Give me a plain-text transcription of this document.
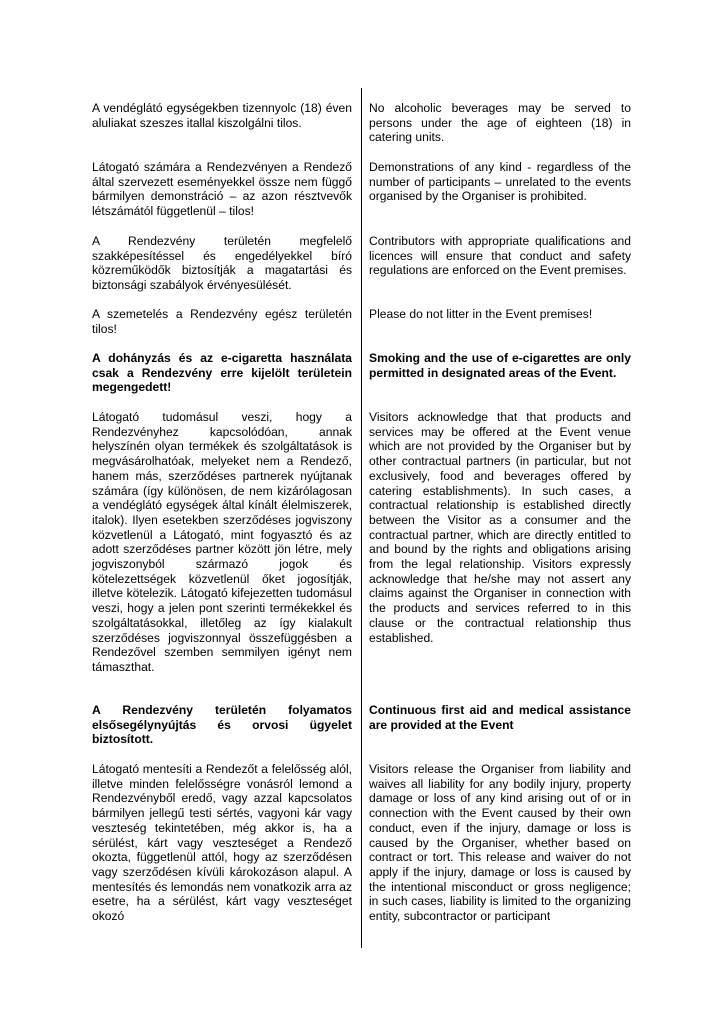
A vendéglátó egységekben tizennyolc (18) éven aluliakat szeszes itallal kiszolgálni tilos.

Látogató számára a Rendezvényen a Rendező által szervezett eseményekkel össze nem függő bármilyen demonstráció – az azon résztvevők létszámától függetlenül – tilos!

A Rendezvény területén megfelelő szakképesítéssel és engedélyekkel bíró közreműködők biztosítják a magatartási és biztonsági szabályok érvényesülését.

A szemetelés a Rendezvény egész területén tilos!

A dohányzás és az e-cigaretta használata csak a Rendezvény erre kijelölt területein megengedett!

Látogató tudomásul veszi, hogy a Rendezvényhez kapcsolódóan, annak helyszínén olyan termékek és szolgáltatások is megvásárolhatóak, melyeket nem a Rendező, hanem más, szerződéses partnerek nyújtanak számára (így különösen, de nem kizárólagosan a vendéglátó egységek által kínált élelmiszerek, italok). Ilyen esetekben szerződéses jogviszony közvetlenül a Látogató, mint fogyasztó és az adott szerződéses partner között jön létre, mely jogviszonyból származó jogok és kötelezettségek közvetlenül őket jogosítják, illetve kötelezik. Látogató kifejezetten tudomásul veszi, hogy a jelen pont szerinti termékekkel és szolgáltatásokkal, illetőleg az így kialakult szerződéses jogviszonnyal összefüggésben a Rendezővel szemben semmilyen igényt nem támaszthat.

A Rendezvény területén folyamatos elsősegélynyújtás és orvosi ügyelet biztosított.

Látogató mentesíti a Rendezőt a felelősség alól, illetve minden felelősségre vonásról lemond a Rendezvényből eredő, vagy azzal kapcsolatos bármilyen jellegű testi sértés, vagyoni kár vagy veszteség tekintetében, még akkor is, ha a sérülést, kárt vagy veszteséget a Rendező okozta, függetlenül attól, hogy az szerződésen vagy szerződésen kívüli károkozáson alapul. A mentesítés és lemondás nem vonatkozik arra az esetre, ha a sérülést, kárt vagy veszteséget okozó

No alcoholic beverages may be served to persons under the age of eighteen (18) in catering units.

Demonstrations of any kind - regardless of the number of participants – unrelated to the events organised by the Organiser is prohibited.

Contributors with appropriate qualifications and licences will ensure that conduct and safety regulations are enforced on the Event premises.

Please do not litter in the Event premises!

Smoking and the use of e-cigarettes are only permitted in designated areas of the Event.

Visitors acknowledge that that products and services may be offered at the Event venue which are not provided by the Organiser but by other contractual partners (in particular, but not exclusively, food and beverages offered by catering establishments). In such cases, a contractual relationship is established directly between the Visitor as a consumer and the contractual partner, which are directly entitled to and bound by the rights and obligations arising from the legal relationship. Visitors expressly acknowledge that he/she may not assert any claims against the Organiser in connection with the products and services referred to in this clause or the contractual relationship thus established.

Continuous first aid and medical assistance are provided at the Event

Visitors release the Organiser from liability and waives all liability for any bodily injury, property damage or loss of any kind arising out of or in connection with the Event caused by their own conduct, even if the injury, damage or loss is caused by the Organiser, whether based on contract or tort. This release and waiver do not apply if the injury, damage or loss is caused by the intentional misconduct or gross negligence; in such cases, liability is limited to the organizing entity, subcontractor or participant
